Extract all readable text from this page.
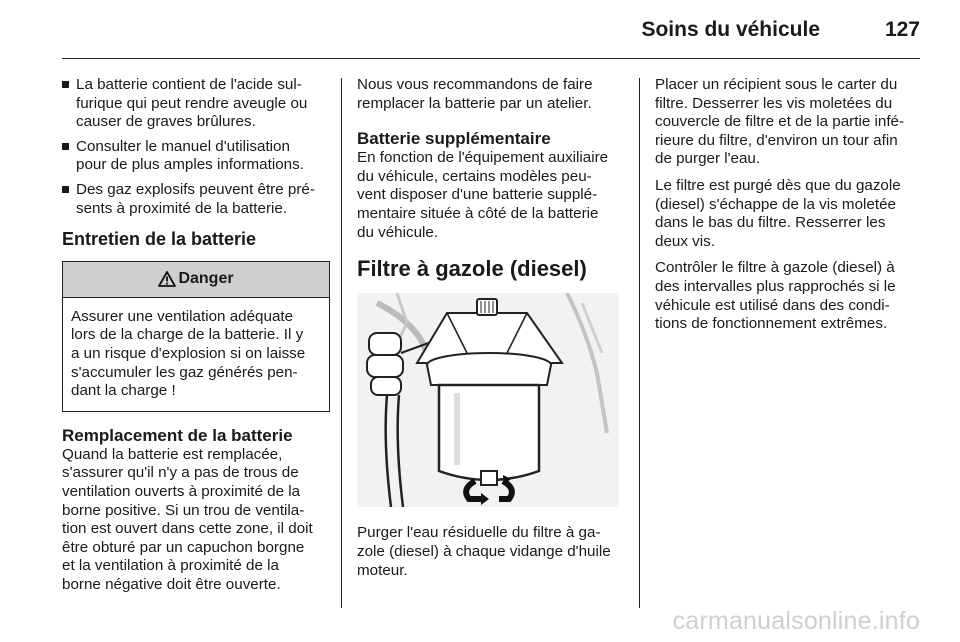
Soins du véhicule	127
La batterie contient de l'acide sul-
furique qui peut rendre aveugle ou
causer de graves brûlures.
Consulter le manuel d'utilisation
pour de plus amples informations.
Des gaz explosifs peuvent être pré-
sents à proximité de la batterie.
Entretien de la batterie
Danger
Assurer une ventilation adéquate
lors de la charge de la batterie. Il y
a un risque d'explosion si on laisse
s'accumuler les gaz générés pen-
dant la charge !
Remplacement de la batterie
Quand la batterie est remplacée,
s'assurer qu'il n'y a pas de trous de
ventilation ouverts à proximité de la
borne positive. Si un trou de ventila-
tion est ouvert dans cette zone, il doit
être obturé par un capuchon borgne
et la ventilation à proximité de la
borne négative doit être ouverte.
Nous vous recommandons de faire
remplacer la batterie par un atelier.
Batterie supplémentaire
En fonction de l'équipement auxiliaire
du véhicule, certains modèles peu-
vent disposer d'une batterie supplé-
mentaire située à côté de la batterie
du véhicule.
Filtre à gazole (diesel)
Purger l'eau résiduelle du filtre à ga-
zole (diesel) à chaque vidange d'huile
moteur.
Placer un récipient sous le carter du
filtre. Desserrer les vis moletées du
couvercle de filtre et de la partie infé-
rieure du filtre, d'environ un tour afin
de purger l'eau.
Le filtre est purgé dès que du gazole
(diesel) s'échappe de la vis moletée
dans le bas du filtre. Resserrer les
deux vis.
Contrôler le filtre à gazole (diesel) à
des intervalles plus rapprochés si le
véhicule est utilisé dans des condi-
tions de fonctionnement extrêmes.
carmanualsonline.info
